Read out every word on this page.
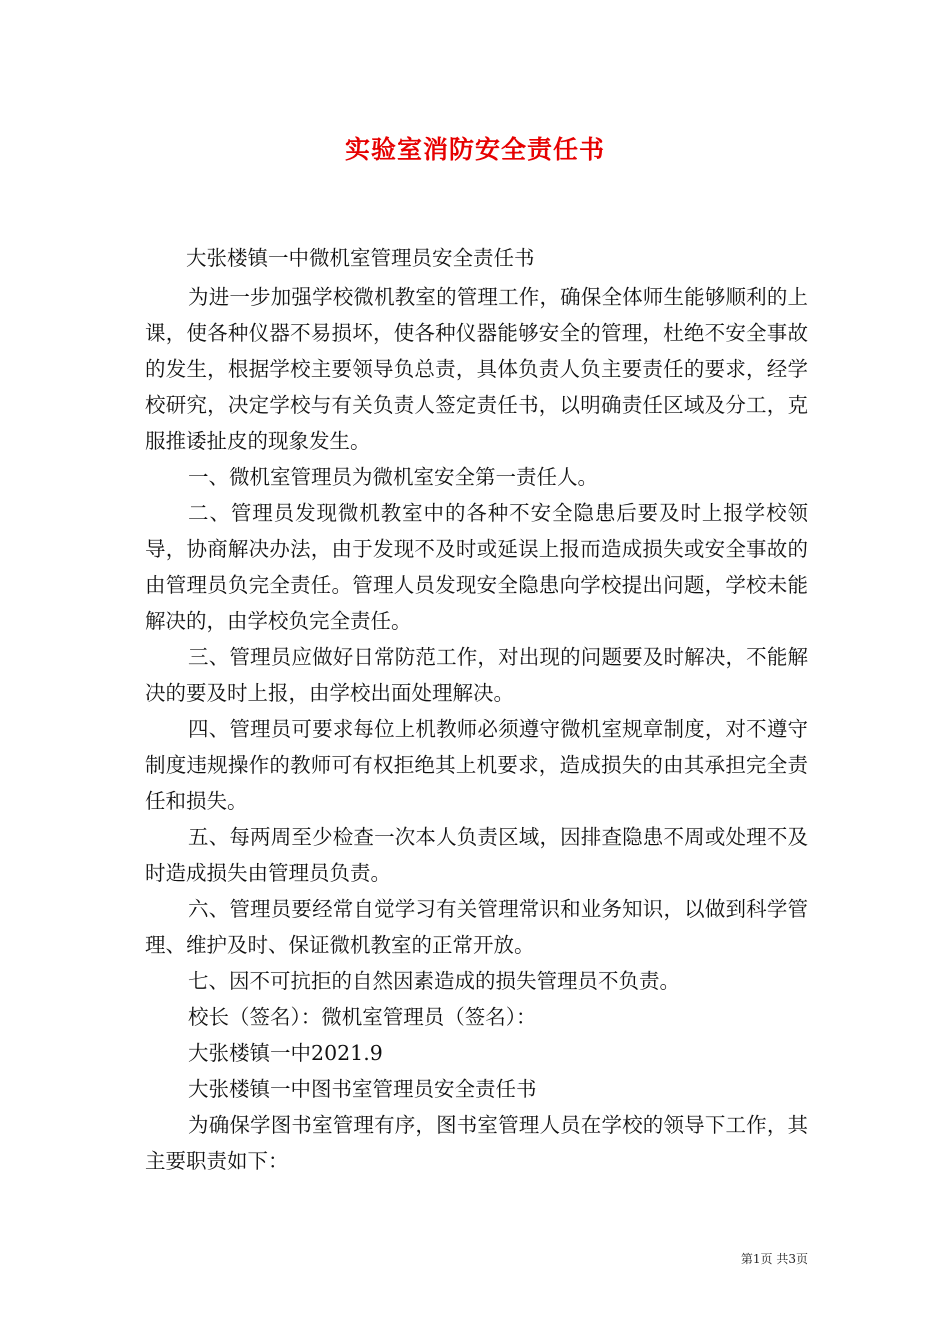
实验室消防安全责任书

大张楼镇一中微机室管理员安全责任书

为进一步加强学校微机教室的管理工作，确保全体师生能够顺利的上课，使各种仪器不易损坏，使各种仪器能够安全的管理，杜绝不安全事故的发生，根据学校主要领导负总责，具体负责人负主要责任的要求，经学校研究，决定学校与有关负责人签定责任书，以明确责任区域及分工，克服推诿扯皮的现象发生。

一、微机室管理员为微机室安全第一责任人。

二、管理员发现微机教室中的各种不安全隐患后要及时上报学校领导，协商解决办法，由于发现不及时或延误上报而造成损失或安全事故的由管理员负完全责任。管理人员发现安全隐患向学校提出问题，学校未能解决的，由学校负完全责任。

三、管理员应做好日常防范工作，对出现的问题要及时解决，不能解决的要及时上报，由学校出面处理解决。

四、管理员可要求每位上机教师必须遵守微机室规章制度，对不遵守制度违规操作的教师可有权拒绝其上机要求，造成损失的由其承担完全责任和损失。

五、每两周至少检查一次本人负责区域，因排查隐患不周或处理不及时造成损失由管理员负责。

六、管理员要经常自觉学习有关管理常识和业务知识，以做到科学管理、维护及时、保证微机教室的正常开放。

七、因不可抗拒的自然因素造成的损失管理员不负责。

校长（签名）：微机室管理员（签名）：

大张楼镇一中2021.9

大张楼镇一中图书室管理员安全责任书

为确保学图书室管理有序，图书室管理人员在学校的领导下工作，其主要职责如下：

第1页 共3页
